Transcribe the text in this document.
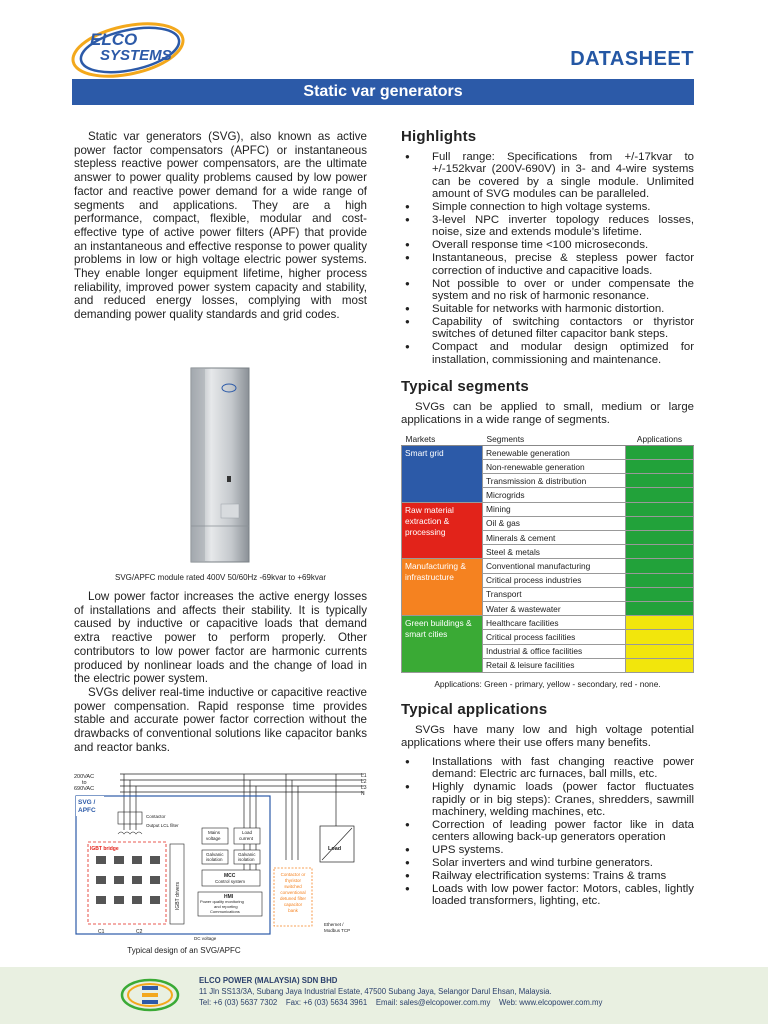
ELCO
SYSTEMS	DATASHEET
Static var generators

Static var generators (SVG), also known as active power factor compensators (APFC) or instantaneous stepless reactive power compensators, are the ultimate answer to power quality problems caused by low power factor and reactive power demand for a wide range of segments and applications. They are a high performance, compact, flexible, modular and cost-effective type of active power filters (APF) that provide an instantaneous and effective response to power quality problems in low or high voltage electric power systems. They enable longer equipment lifetime, higher process reliability, improved power system capacity and stability, and reduced energy losses, complying with most demanding power quality standards and grid codes.

SVG/APFC module rated 400V 50/60Hz -69kvar to +69kvar

Low power factor increases the active energy losses of installations and affects their stability. It is typically caused by inductive or capacitive loads that demand extra reactive power to perform properly. Other contributors to low power factor are harmonic currents produced by nonlinear loads and the change of load in the electric power system.

SVGs deliver real-time inductive or capacitive reactive power compensation. Rapid response time provides stable and accurate power factor correction without the drawbacks of conventional solutions like capacitor banks and reactor banks.

200VAC
to
690VAC
L1
L2
L3
N
SVG /
APFC
Contactor
Output LCL filter
IGBT bridge
IGBT drivers
C1	C2
DC voltage
Mains
voltage
Load
current
Galvanic
isolation
Galvanic
isolation
MCC
Control system
HMI
Power quality monitoring
and reporting
Communications
Contactor or
thyristor
switched
conventional
detuned filter
capacitor
bank
Load
Ethernet /
Modbus TCP
Typical design of an SVG/APFC
Highlights
● Full range: Specifications from +/-17kvar to +/-152kvar (200V-690V) in 3- and 4-wire systems can be covered by a single module. Unlimited amount of SVG modules can be paralleled.
● Simple connection to high voltage systems.
● 3-level NPC inverter topology reduces losses, noise, size and extends module’s lifetime.
● Overall response time <100 microseconds.
● Instantaneous, precise & stepless power factor correction of inductive and capacitive loads.
● Not possible to over or under compensate the system and no risk of harmonic resonance.
● Suitable for networks with harmonic distortion.
● Capability of switching contactors or thyristor switches of detuned filter capacitor bank steps.
● Compact and modular design optimized for installation, commissioning and maintenance.
Typical segments

SVGs can be applied to small, medium or large applications in a wide range of segments.

Markets	Segments	Applications
Smart grid	Renewable generation	
	Non-renewable generation	
	Transmission & distribution	
	Microgrids	
Raw material extraction & processing	Mining	
	Oil & gas	
	Minerals & cement	
	Steel & metals	
Manufacturing & infrastructure	Conventional manufacturing	
	Critical process industries	
	Transport	
	Water & wastewater	
Green buildings & smart cities	Healthcare facilities	
	Critical process facilities	
	Industrial & office facilities	
	Retail & leisure facilities	
Applications: Green - primary, yellow - secondary, red - none.
Typical applications

SVGs have many low and high voltage potential applications where their use offers many benefits.

● Installations with fast changing reactive power demand: Electric arc furnaces, ball mills, etc.
● Highly dynamic loads (power factor fluctuates rapidly or in big steps): Cranes, shredders, sawmill machinery, welding machines, etc.
● Correction of leading power factor like in data centers allowing back-up generators operation
● UPS systems.
● Solar inverters and wind turbine generators.
● Railway electrification systems: Trains & trams
● Loads with low power factor: Motors, cables, lightly loaded transformers, lighting, etc.
ELCO POWER (MALAYSIA) SDN BHD
11 Jln SS13/3A, Subang Jaya Industrial Estate, 47500 Subang Jaya, Selangor Darul Ehsan, Malaysia.
Tel: +6 (03) 5637 7302    Fax: +6 (03) 5634 3961    Email: sales@elcopower.com.my    Web: www.elcopower.com.my
